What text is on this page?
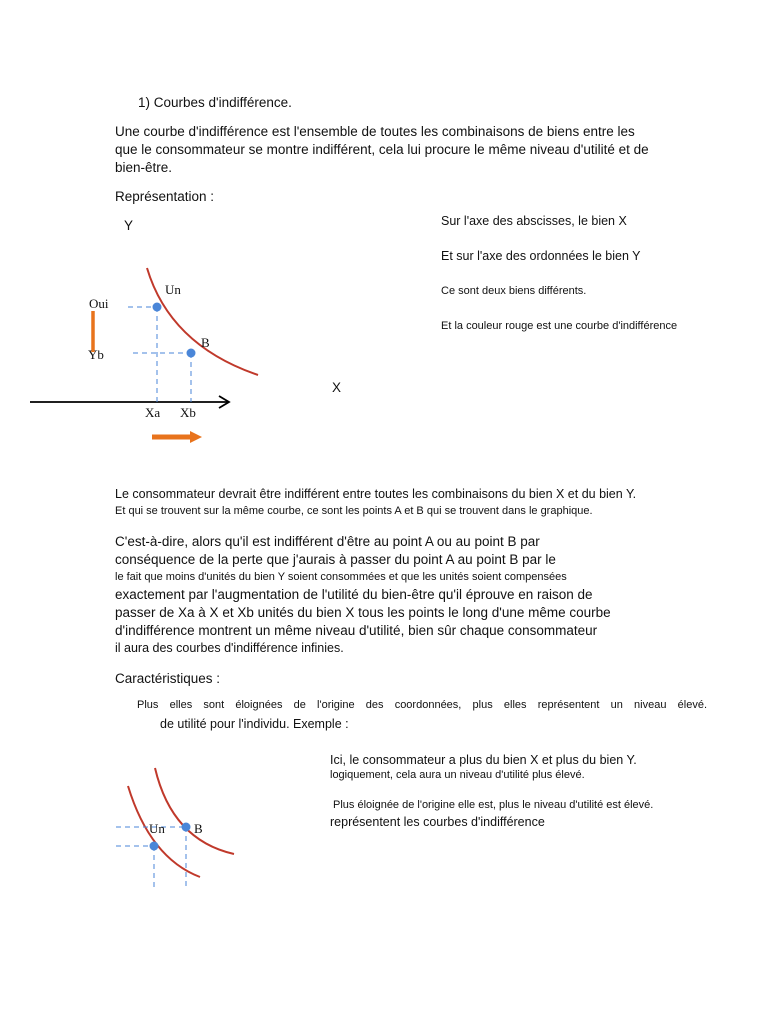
1) Courbes d'indifférence.

Une courbe d'indifférence est l'ensemble de toutes les combinaisons de biens entre les

que le consommateur se montre indifférent, cela lui procure le même niveau d'utilité et de

bien-être.

Représentation :

Y

X

Un

B

Oui

Yb

Xa Xb

Sur l'axe des abscisses, le bien X

Et sur l'axe des ordonnées le bien Y

Ce sont deux biens différents.

Et la couleur rouge est une courbe d'indifférence

Le consommateur devrait être indifférent entre toutes les combinaisons du bien X et du bien Y.

Et qui se trouvent sur la même courbe, ce sont les points A et B qui se trouvent dans le graphique.

C'est-à-dire, alors qu'il est indifférent d'être au point A ou au point B par

conséquence de la perte que j'aurais à passer du point A au point B par le

le fait que moins d'unités du bien Y soient consommées et que les unités soient compensées

exactement par l'augmentation de l'utilité du bien-être qu'il éprouve en raison de

passer de Xa à X et Xb unités du bien X tous les points le long d'une même courbe

d'indifférence montrent un même niveau d'utilité, bien sûr chaque consommateur

il aura des courbes d'indifférence infinies.

Caractéristiques :

Plus elles sont éloignées de l'origine des coordonnées, plus elles représentent un niveau élevé.

de utilité pour l'individu. Exemple :

Un B

Ici, le consommateur a plus du bien X et plus du bien Y.

logiquement, cela aura un niveau d'utilité plus élevé.

Plus éloignée de l'origine elle est, plus le niveau d'utilité est élevé.

représentent les courbes d'indifférence
